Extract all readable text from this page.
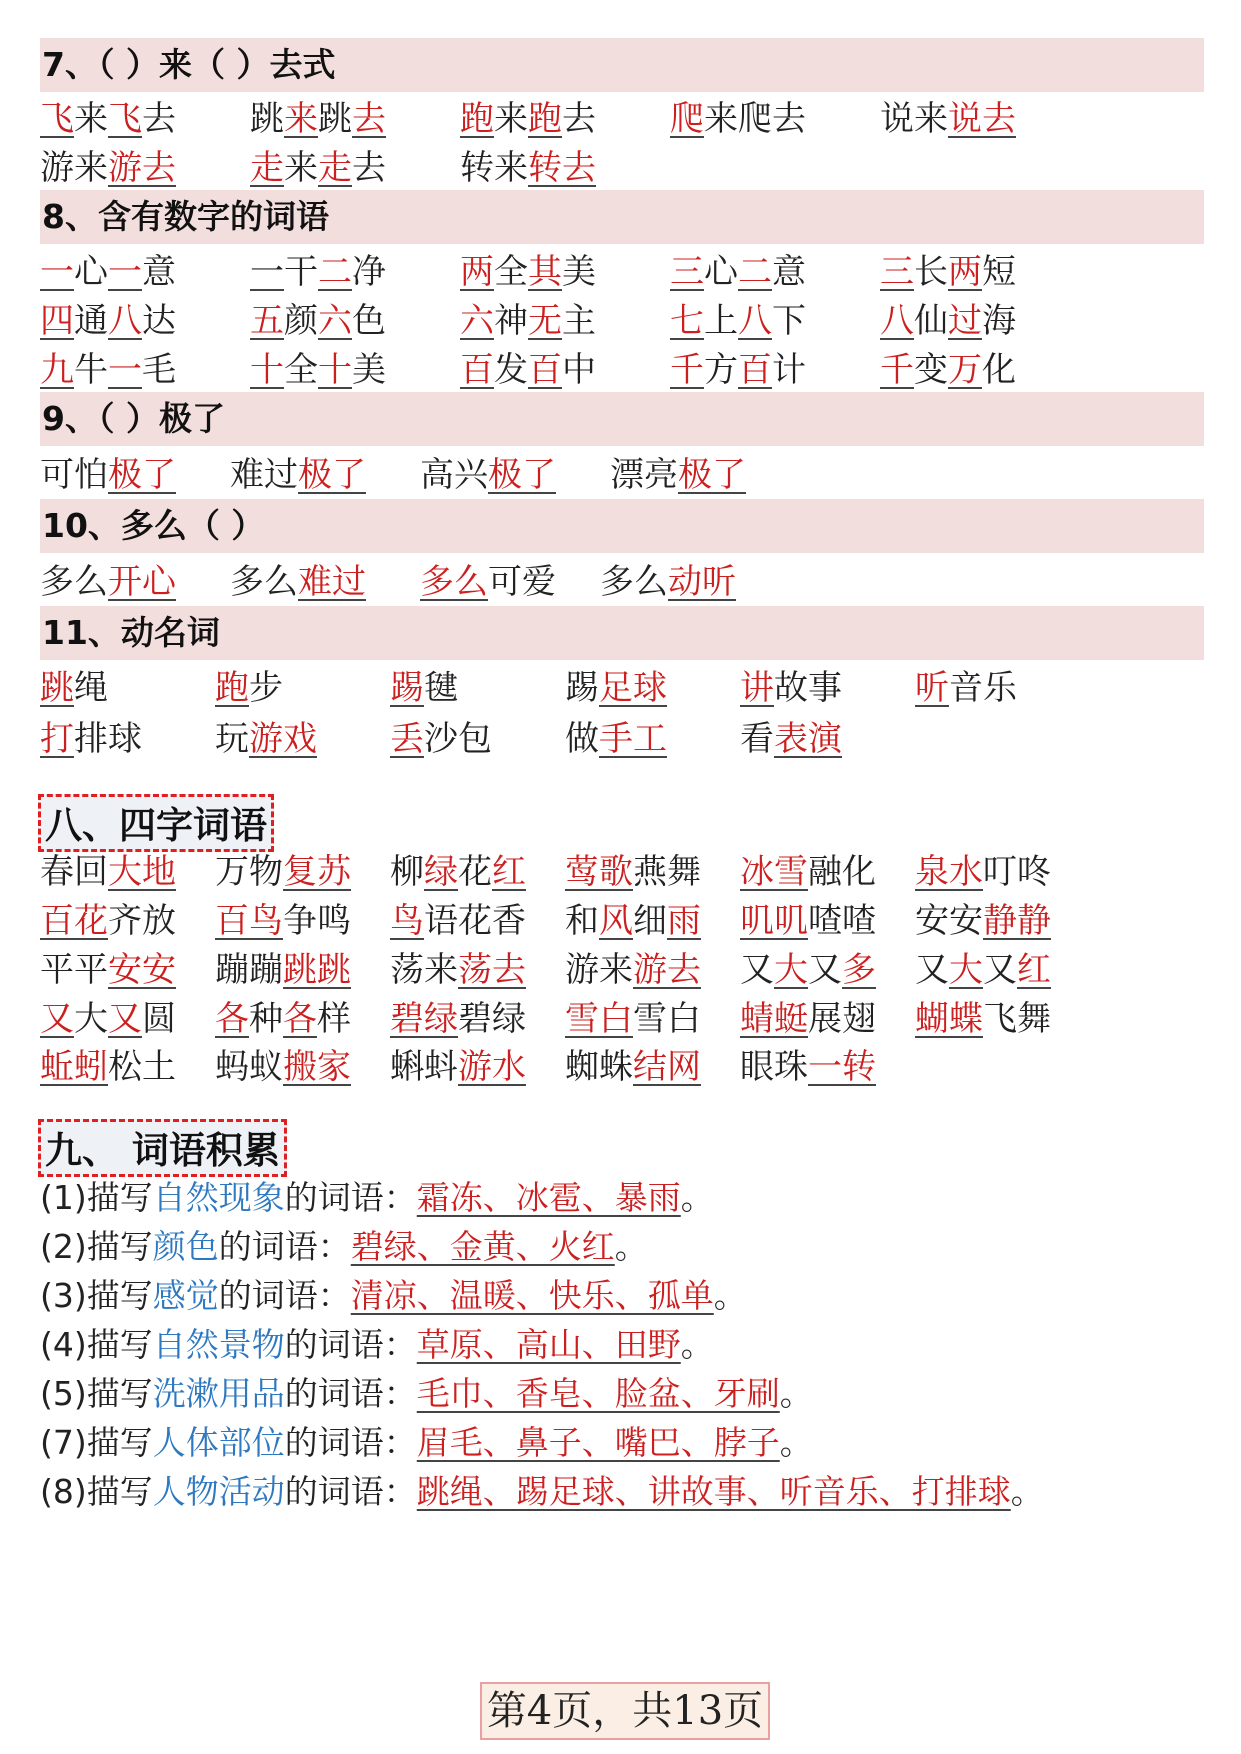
7、（ ）来（ ）去式
飞来飞去 跳来跳去 跑来跑去 爬来爬去 说来说去
游来游去 走来走去 转来转去
8、含有数字的词语
一心一意 一干二净 两全其美 三心二意 三长两短
四通八达 五颜六色 六神无主 七上八下 八仙过海
九牛一毛 十全十美 百发百中 千方百计 千变万化
9、（ ）极了
可怕极了 难过极了 高兴极了 漂亮极了
10、多么（ ）
多么开心 多么难过 多么可爱 多么动听
11、动名词
跳绳	跑步	踢毽	踢足球 讲故事 听音乐
打排球 玩游戏 丢沙包 做手工 看表演
八、四字词语
春回大地 万物复苏 柳绿花红 莺歌燕舞 冰雪融化 泉水叮咚
百花齐放 百鸟争鸣 鸟语花香 和风细雨 叽叽喳喳 安安静静
平平安安 蹦蹦跳跳 荡来荡去 游来游去 又大又多 又大又红
又大又圆 各种各样 碧绿碧绿 雪白雪白 蜻蜓展翅 蝴蝶飞舞
蚯蚓松土 蚂蚁搬家 蝌蚪游水 蜘蛛结网 眼珠一转
九、 词语积累
(1)描写自然现象的词语：霜冻、冰雹、暴雨。
(2)描写颜色的词语：碧绿、金黄、火红。
(3)描写感觉的词语：清凉、温暖、快乐、孤单。
(4)描写自然景物的词语：草原、高山、田野。
(5)描写洗漱用品的词语：毛巾、香皂、脸盆、牙刷。
(7)描写人体部位的词语：眉毛、鼻子、嘴巴、脖子。
(8)描写人物活动的词语：跳绳、踢足球、讲故事、听音乐、打排球。
第4页，共13页
